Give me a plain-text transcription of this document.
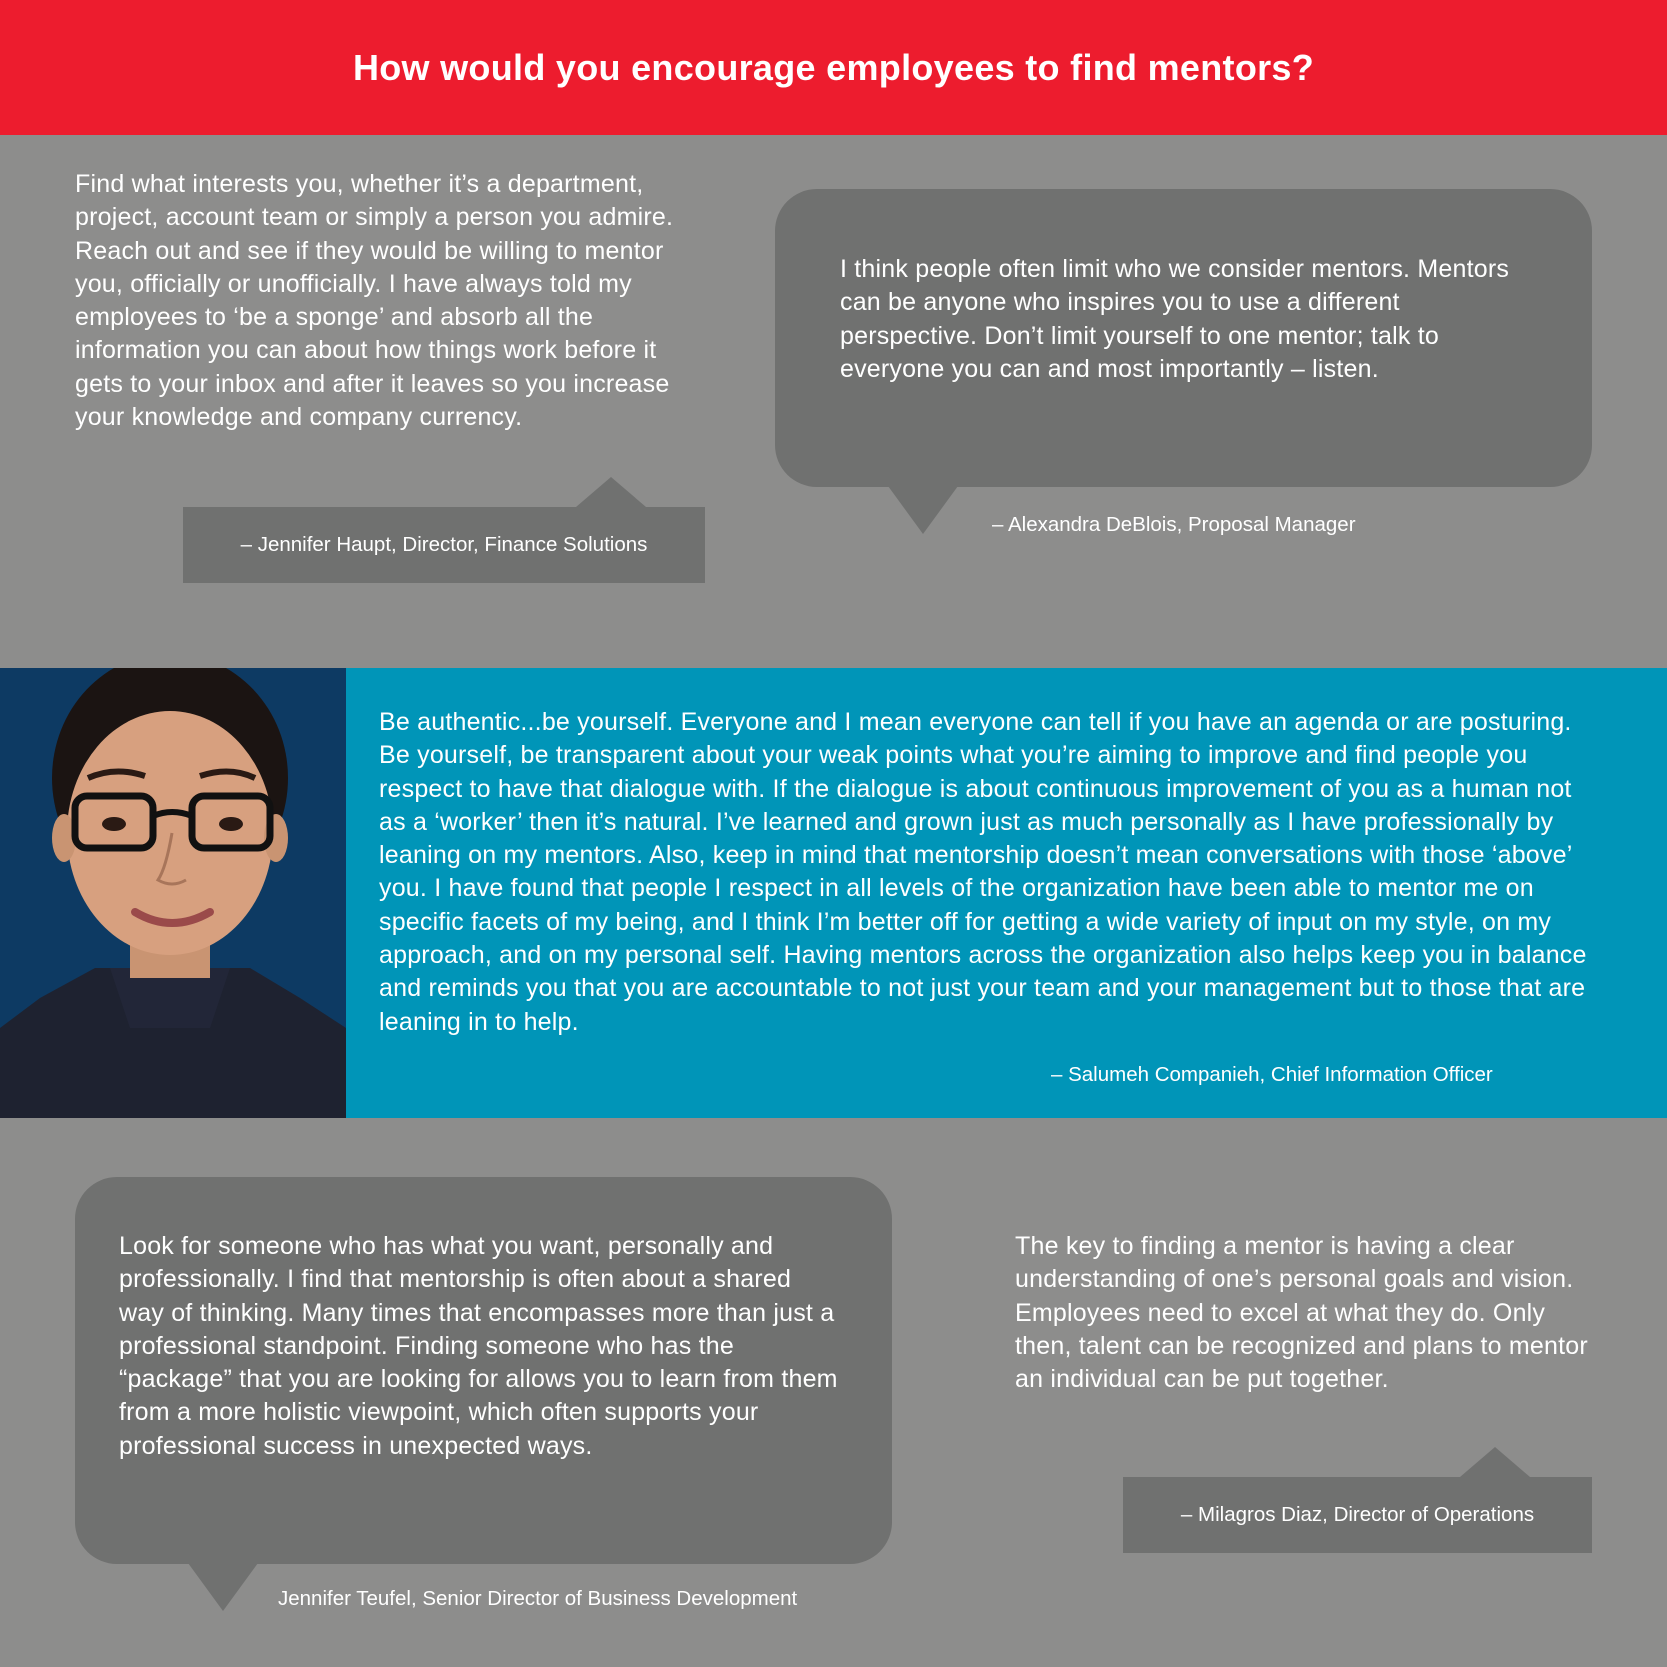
How would you encourage employees to find mentors?

Find what interests you, whether it’s a department, project, account team or simply a person you admire. Reach out and see if they would be willing to mentor you, officially or unofficially. I have always told my employees to ‘be a sponge’ and absorb all the information you can about how things work before it gets to your inbox and after it leaves so you increase your knowledge and company currency.

– Jennifer Haupt, Director, Finance Solutions

I think people often limit who we consider mentors. Mentors can be anyone who inspires you to use a different perspective. Don’t limit yourself to one mentor; talk to everyone you can and most importantly – listen.

– Alexandra DeBlois, Proposal Manager

Be authentic...be yourself. Everyone and I mean everyone can tell if you have an agenda or are posturing. Be yourself, be transparent about your weak points what you’re aiming to improve and find people you respect to have that dialogue with. If the dialogue is about continuous improvement of you as a human not as a ‘worker’ then it’s natural. I’ve learned and grown just as much personally as I have professionally by leaning on my mentors. Also, keep in mind that mentorship doesn’t mean conversations with those ‘above’ you. I have found that people I respect in all levels of the organization have been able to mentor me on specific facets of my being, and I think I’m better off for getting a wide variety of input on my style, on my approach, and on my personal self. Having mentors across the organization also helps keep you in balance and reminds you that you are accountable to not just your team and your management but to those that are leaning in to help.

– Salumeh Companieh, Chief Information Officer

Look for someone who has what you want, personally and professionally. I find that mentorship is often about a shared way of thinking. Many times that encompasses more than just a professional standpoint. Finding someone who has the “package” that you are looking for allows you to learn from them from a more holistic viewpoint, which often supports your professional success in unexpected ways.

Jennifer Teufel, Senior Director of Business Development

The key to finding a mentor is having a clear understanding of one’s personal goals and vision. Employees need to excel at what they do. Only then, talent can be recognized and plans to mentor an individual can be put together.

– Milagros Diaz, Director of Operations
